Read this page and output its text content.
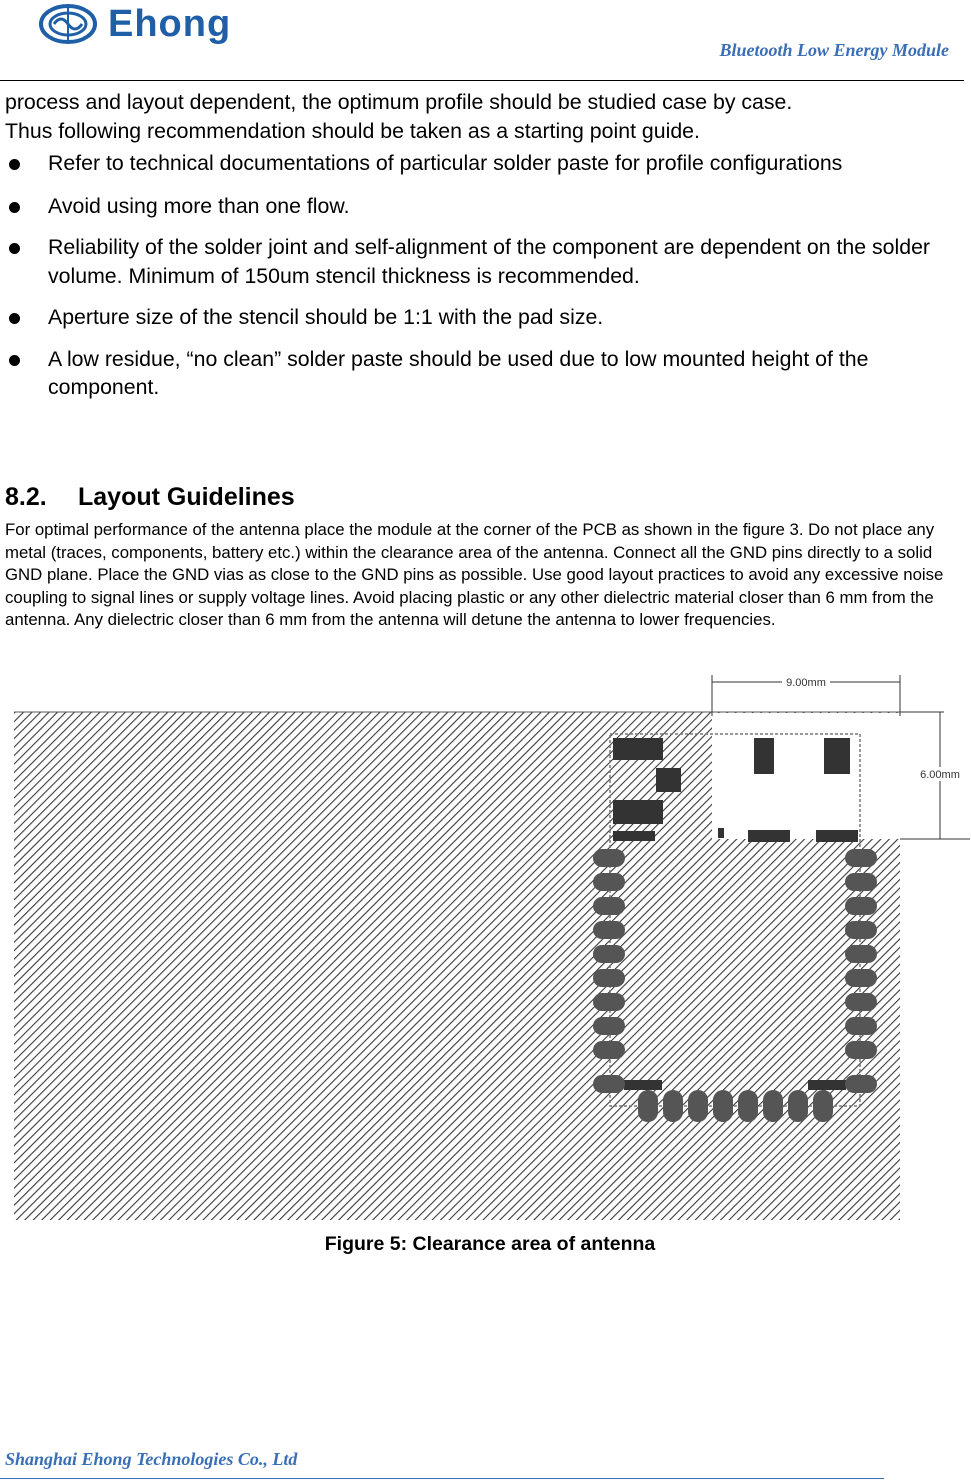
Ehong
Bluetooth Low Energy Module
process and layout dependent, the optimum profile should be studied case by case.
Thus following recommendation should be taken as a starting point guide.
Refer to technical documentations of particular solder paste for profile configurations
Avoid using more than one flow.
Reliability of the solder joint and self-alignment of the component are dependent on the solder volume. Minimum of 150um stencil thickness is recommended.
Aperture size of the stencil should be 1:1 with the pad size.
A low residue, “no clean” solder paste should be used due to low mounted height of the component.
8.2. Layout Guidelines
For optimal performance of the antenna place the module at the corner of the PCB as shown in the figure 3. Do not place any metal (traces, components, battery etc.) within the clearance area of the antenna. Connect all the GND pins directly to a solid GND plane. Place the GND vias as close to the GND pins as possible. Use good layout practices to avoid any excessive noise coupling to signal lines or supply voltage lines. Avoid placing plastic or any other dielectric material closer than 6 mm from the antenna. Any dielectric closer than 6 mm from the antenna will detune the antenna to lower frequencies.
9.00mm
6.00mm
Figure 5: Clearance area of antenna
Shanghai Ehong Technologies Co., Ltd
